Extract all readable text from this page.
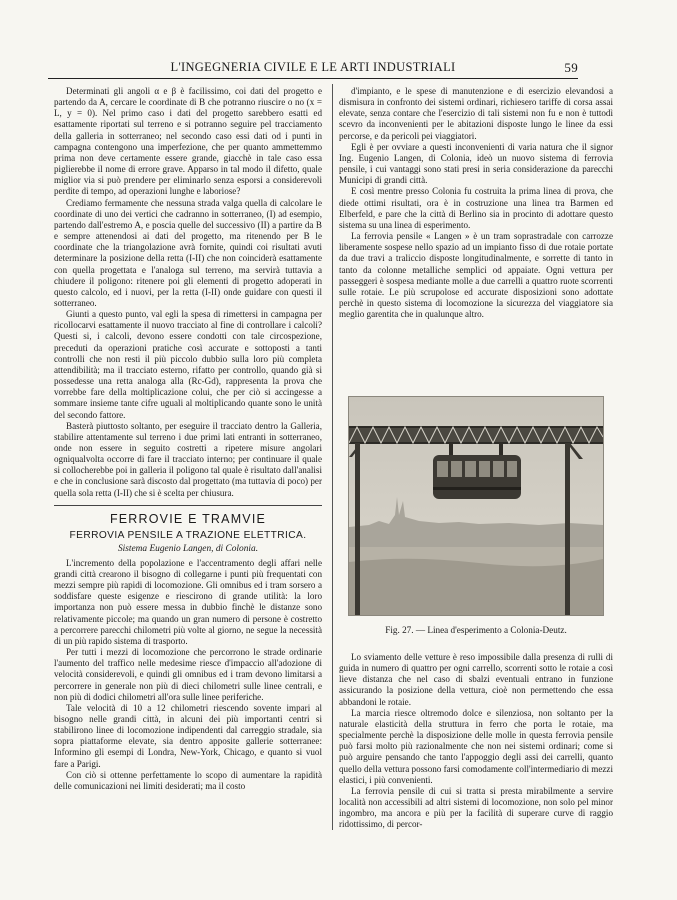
L'INGEGNERIA CIVILE E LE ARTI INDUSTRIALI	59

Determinati gli angoli α e β è facilissimo, coi dati del progetto e partendo da A, cercare le coordinate di B che potranno riuscire o no (x = L, y = 0). Nel primo caso i dati del progetto sarebbero esatti ed esattamente riportati sul terreno e si potranno seguire pel tracciamento della galleria in sotterraneo; nel secondo caso essi dati od i punti in campagna contengono una imperfezione, che per quanto ammettemmo prima non deve certamente essere grande, giacchè in tale caso essa piglierebbe il nome di errore grave. Apparso in tal modo il difetto, quale miglior via si può prendere per eliminarlo senza esporsi a considerevoli perdite di tempo, ad operazioni lunghe e laboriose?

Crediamo fermamente che nessuna strada valga quella di calcolare le coordinate di uno dei vertici che cadranno in sotterraneo, (I) ad esempio, partendo dall'estremo A, e poscia quelle del successivo (II) a partire da B e sempre attenendosi ai dati del progetto, ma ritenendo per B le coordinate che la triangolazione avrà fornite, quindi coi risultati avuti determinare la posizione della retta (I-II) che non coinciderà esattamente con quella progettata e l'analoga sul terreno, ma servirà tuttavia a chiudere il poligono: ritenere poi gli elementi di progetto adoperati in questo calcolo, ed i nuovi, per la retta (I-II) onde guidare con questi il sotterraneo.

Giunti a questo punto, val egli la spesa di rimettersi in campagna per ricollocarvi esattamente il nuovo tracciato al fine di controllare i calcoli? Questi si, i calcoli, devono essere condotti con tale circospezione, preceduti da operazioni pratiche così accurate e sottoposti a tanti controlli che non resti il più piccolo dubbio sulla loro più completa attendibilità; ma il tracciato esterno, rifatto per controllo, quando già si possedesse una retta analoga alla (Rc-Gd), rappresenta la prova che vorrebbe fare della moltiplicazione colui, che per ciò si accingesse a sommare insieme tante cifre uguali al moltiplicando quante sono le unità del secondo fattore.

Basterà piuttosto soltanto, per eseguire il tracciato dentro la Galleria, stabilire attentamente sul terreno i due primi lati entranti in sotterraneo, onde non essere in seguito costretti a ripetere misure angolari ogniqualvolta occorre di fare il tracciato interno; per continuare il quale si collocherebbe poi in galleria il poligono tal quale è risultato dall'analisi e che in conclusione sarà discosto dal progettato (ma tuttavia di poco) per quella sola retta (I-II) che si è scelta per chiusura.

FERROVIE E TRAMVIE
FERROVIA PENSILE A TRAZIONE ELETTRICA.
Sistema Eugenio Langen, di Colonia.

L'incremento della popolazione e l'accentramento degli affari nelle grandi città crearono il bisogno di collegarne i punti più frequentati con mezzi sempre più rapidi di locomozione. Gli omnibus ed i tram sorsero a soddisfare queste esigenze e riescirono di grande utilità: la loro importanza non può essere messa in dubbio finchè le distanze sono relativamente piccole; ma quando un gran numero di persone è costretto a percorrere parecchi chilometri più volte al giorno, ne segue la necessità di un più rapido sistema di trasporto.

Per tutti i mezzi di locomozione che percorrono le strade ordinarie l'aumento del traffico nelle medesime riesce d'impaccio all'adozione di velocità considerevoli, e quindi gli omnibus ed i tram devono limitarsi a percorrere in generale non più di dieci chilometri sulle linee centrali, e non più di dodici chilometri all'ora sulle linee periferiche.

Tale velocità di 10 a 12 chilometri riescendo sovente impari al bisogno nelle grandi città, in alcuni dei più importanti centri si stabilirono linee di locomozione indipendenti dal carreggio stradale, sia sopra piattaforme elevate, sia dentro apposite gallerie sotterranee: Informino gli esempi di Londra, New-York, Chicago, e quanto si vuol fare a Parigi.

Con ciò si ottenne perfettamente lo scopo di aumentare la rapidità delle comunicazioni nei limiti desiderati; ma il costo

d'impianto, e le spese di manutenzione e di esercizio elevandosi a dismisura in confronto dei sistemi ordinari, richiesero tariffe di corsa assai elevate, senza contare che l'esercizio di tali sistemi non fu e non è tuttodì scevro da inconvenienti per le abitazioni disposte lungo le linee da essi percorse, e da pericoli pei viaggiatori.

Egli è per ovviare a questi inconvenienti di varia natura che il signor Ing. Eugenio Langen, di Colonia, ideò un nuovo sistema di ferrovia pensile, i cui vantaggi sono stati presi in seria considerazione da parecchi Municipi di grandi città.

E così mentre presso Colonia fu costruita la prima linea di prova, che diede ottimi risultati, ora è in costruzione una linea tra Barmen ed Elberfeld, e pare che la città di Berlino sia in procinto di adottare questo sistema su una linea di esperimento.

La ferrovia pensile « Langen » è un tram soprastradale con carrozze liberamente sospese nello spazio ad un impianto fisso di due rotaie portate da due travi a traliccio disposte longitudinalmente, e sorrette di tanto in tanto da colonne metalliche semplici od appaiate. Ogni vettura per passeggeri è sospesa mediante molle a due carrelli a quattro ruote scorrenti sulle rotaie. Le più scrupolose ed accurate disposizioni sono adottate perchè in questo sistema di locomozione la sicurezza del viaggiatore sia meglio garentita che in qualunque altro.

Fig. 27. — Linea d'esperimento a Colonia-Deutz.

Lo sviamento delle vetture è reso impossibile dalla presenza di rulli di guida in numero di quattro per ogni carrello, scorrenti sotto le rotaie a così lieve distanza che nel caso di sbalzi eventuali entrano in funzione assicurando la posizione della vettura, cioè non permettendo che essa abbandoni le rotaie.

La marcia riesce oltremodo dolce e silenziosa, non soltanto per la naturale elasticità della struttura in ferro che porta le rotaie, ma specialmente perchè la disposizione delle molle in questa ferrovia pensile può farsi molto più razionalmente che non nei sistemi ordinari; come si può arguire pensando che tanto l'appoggio degli assi dei carrelli, quanto quello della vettura possono farsi comodamente coll'intermediario di mezzi elastici, i più convenienti.

La ferrovia pensile di cui si tratta si presta mirabilmente a servire località non accessibili ad altri sistemi di locomozione, non solo pel minor ingombro, ma ancora e più per la facilità di superare curve di raggio ridottissimo, di percor-
